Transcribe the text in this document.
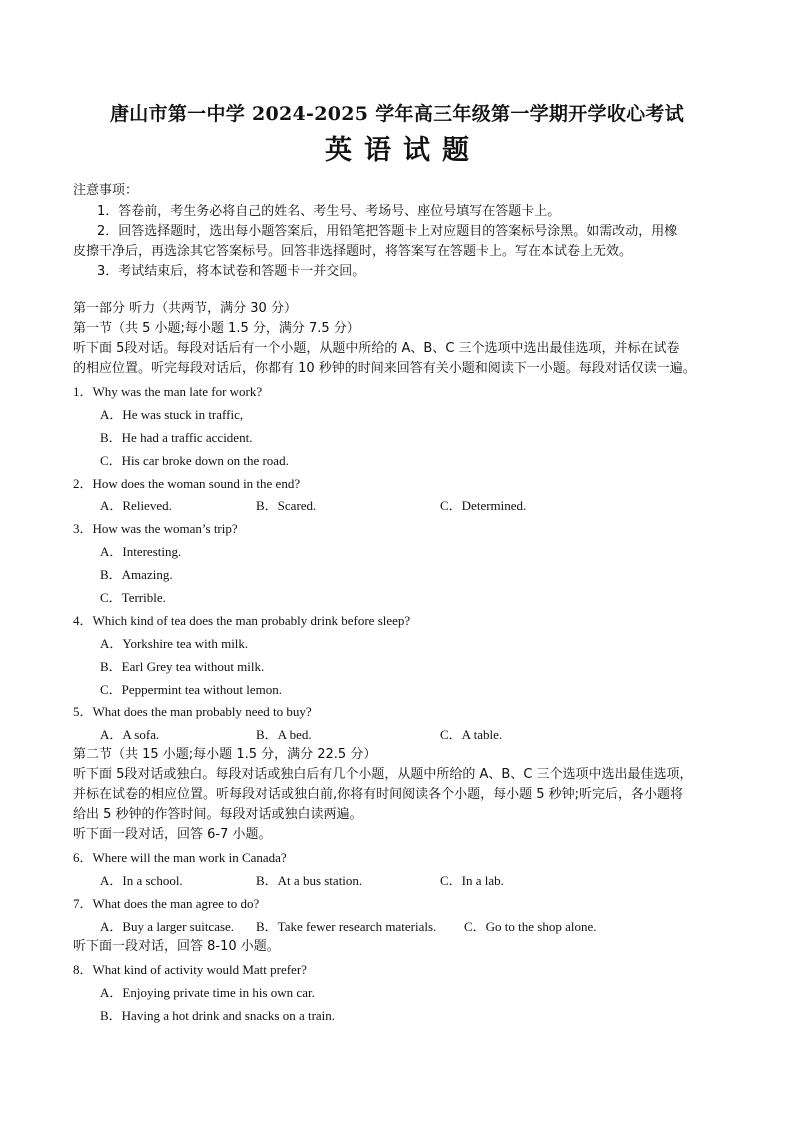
唐山市第一中学 2024-2025 学年高三年级第一学期开学收心考试
英语试题
注意事项：
1．答卷前，考生务必将自己的姓名、考生号、考场号、座位号填写在答题卡上。
2．回答选择题时，选出每小题答案后，用铅笔把答题卡上对应题目的答案标号涂黑。如需改动，用橡
皮擦干净后，再选涂其它答案标号。回答非选择题时，将答案写在答题卡上。写在本试卷上无效。
3．考试结束后，将本试卷和答题卡一并交回。
第一部分 听力（共两节，满分 30 分）
第一节（共 5 小题;每小题 1.5 分，满分 7.5 分）
听下面 5段对话。每段对话后有一个小题，从题中所给的 A、B、C 三个选项中选出最佳选项，并标在试卷
的相应位置。听完每段对话后，你都有 10 秒钟的时间来回答有关小题和阅读下一小题。每段对话仅读一遍。
1．Why was the man late for work?
A．He was stuck in traffic,
B．He had a traffic accident.
C．His car broke down on the road.
2．How does the woman sound in the end?
A．Relieved.	B．Scared.	C．Determined.
3．How was the woman’s trip?
A．Interesting.
B．Amazing.
C．Terrible.
4．Which kind of tea does the man probably drink before sleep?
A．Yorkshire tea with milk.
B．Earl Grey tea without milk.
C．Peppermint tea without lemon.
5．What does the man probably need to buy?
A．A sofa.	B．A bed.	C．A table.
第二节（共 15 小题;每小题 1.5 分，满分 22.5 分）
听下面 5段对话或独白。每段对话或独白后有几个小题，从题中所给的 A、B、C 三个选项中选出最佳选项，
并标在试卷的相应位置。听每段对话或独白前,你将有时间阅读各个小题，每小题 5 秒钟;听完后，各小题将
给出 5 秒钟的作答时间。每段对话或独白读两遍。
听下面一段对话，回答 6-7 小题。
6．Where will the man work in Canada?
A．In a school.	B．At a bus station.	C．In a lab.
7．What does the man agree to do?
A．Buy a larger suitcase. B．Take fewer research materials. C．Go to the shop alone.
听下面一段对话，回答 8-10 小题。
8．What kind of activity would Matt prefer?
A．Enjoying private time in his own car.
B．Having a hot drink and snacks on a train.
